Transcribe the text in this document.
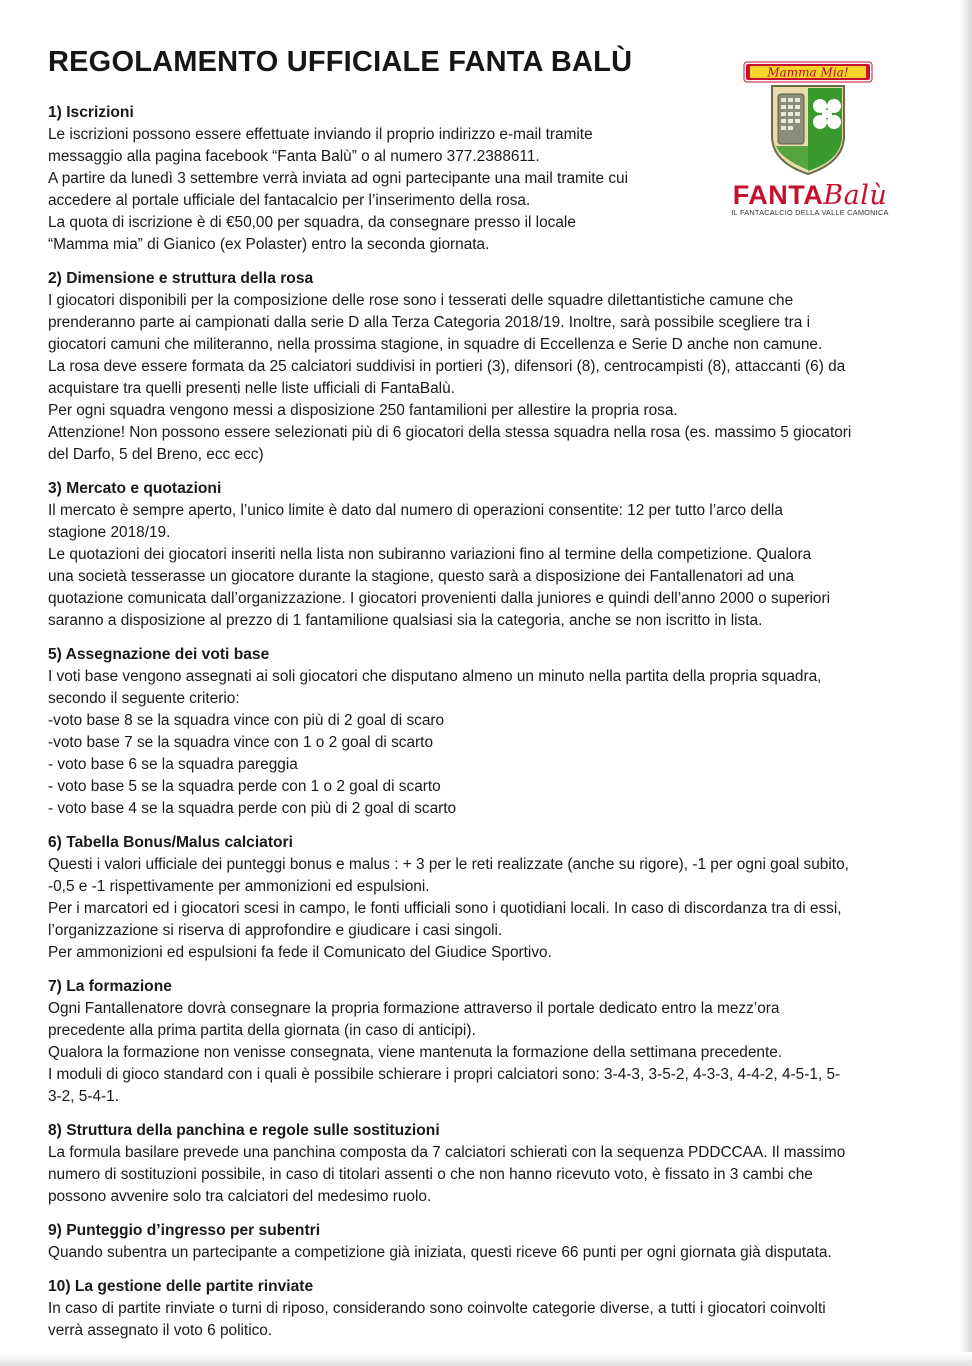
REGOLAMENTO UFFICIALE FANTA BALÙ

1) Iscrizioni

Le iscrizioni possono essere effettuate inviando il proprio indirizzo e-mail tramite

messaggio alla pagina facebook “Fanta Balù” o al numero 377.2388611.

A partire da lunedì 3 settembre verrà inviata ad ogni partecipante una mail tramite cui

accedere al portale ufficiale del fantacalcio per l’inserimento della rosa.

La quota di iscrizione è di €50,00 per squadra, da consegnare presso il locale

“Mamma mia” di Gianico (ex Polaster) entro la seconda giornata.

2) Dimensione e struttura della rosa

I giocatori disponibili per la composizione delle rose sono i tesserati delle squadre dilettantistiche camune che

prenderanno parte ai campionati dalla serie D alla Terza Categoria 2018/19. Inoltre, sarà possibile scegliere tra i

giocatori camuni che militeranno, nella prossima stagione, in squadre di Eccellenza e Serie D anche non camune.

La rosa deve essere formata da 25 calciatori suddivisi in portieri (3), difensori (8), centrocampisti (8), attaccanti (6) da

acquistare tra quelli presenti nelle liste ufficiali di FantaBalù.

Per ogni squadra vengono messi a disposizione 250 fantamilioni per allestire la propria rosa.

Attenzione! Non possono essere selezionati più di 6 giocatori della stessa squadra nella rosa (es. massimo 5 giocatori

del Darfo, 5 del Breno, ecc ecc)

3) Mercato e quotazioni

Il mercato è sempre aperto, l’unico limite è dato dal numero di operazioni consentite: 12 per tutto l’arco della

stagione 2018/19.

Le quotazioni dei giocatori inseriti nella lista non subiranno variazioni fino al termine della competizione. Qualora

una società tesserasse un giocatore durante la stagione, questo sarà a disposizione dei Fantallenatori ad una

quotazione comunicata dall’organizzazione. I giocatori provenienti dalla juniores e quindi dell’anno 2000 o superiori

saranno a disposizione al prezzo di 1 fantamilione qualsiasi sia la categoria, anche se non iscritto in lista.

5) Assegnazione dei voti base

I voti base vengono assegnati ai soli giocatori che disputano almeno un minuto nella partita della propria squadra,

secondo il seguente criterio:

-voto base 8 se la squadra vince con più di 2 goal di scaro

-voto base 7 se la squadra vince con 1 o 2 goal di scarto

- voto base 6 se la squadra pareggia

- voto base 5 se la squadra perde con 1 o 2 goal di scarto

- voto base 4 se la squadra perde con più di 2 goal di scarto

6) Tabella Bonus/Malus calciatori

Questi i valori ufficiale dei punteggi bonus e malus : + 3 per le reti realizzate (anche su rigore), -1 per ogni goal subito,

-0,5 e -1 rispettivamente per ammonizioni ed espulsioni.

Per i marcatori ed i giocatori scesi in campo, le fonti ufficiali sono i quotidiani locali. In caso di discordanza tra di essi,

l’organizzazione si riserva di approfondire e giudicare i casi singoli.

Per ammonizioni ed espulsioni fa fede il Comunicato del Giudice Sportivo.

7) La formazione

Ogni Fantallenatore dovrà consegnare la propria formazione attraverso il portale dedicato entro la mezz’ora

precedente alla prima partita della giornata (in caso di anticipi).

Qualora la formazione non venisse consegnata, viene mantenuta la formazione della settimana precedente.

I moduli di gioco standard con i quali è possibile schierare i propri calciatori sono: 3-4-3, 3-5-2, 4-3-3, 4-4-2, 4-5-1, 5-

3-2, 5-4-1.

8) Struttura della panchina e regole sulle sostituzioni

La formula basilare prevede una panchina composta da 7 calciatori schierati con la sequenza PDDCCAA. Il massimo

numero di sostituzioni possibile, in caso di titolari assenti o che non hanno ricevuto voto, è fissato in 3 cambi che

possono avvenire solo tra calciatori del medesimo ruolo.

9) Punteggio d’ingresso per subentri

Quando subentra un partecipante a competizione già iniziata, questi riceve 66 punti per ogni giornata già disputata.

10) La gestione delle partite rinviate

In caso di partite rinviate o turni di riposo, considerando sono coinvolte categorie diverse, a tutti i giocatori coinvolti

verrà assegnato il voto 6 politico.

Mamma Mia!
FANTABalù
IL FANTACALCIO DELLA VALLE CAMONICA
